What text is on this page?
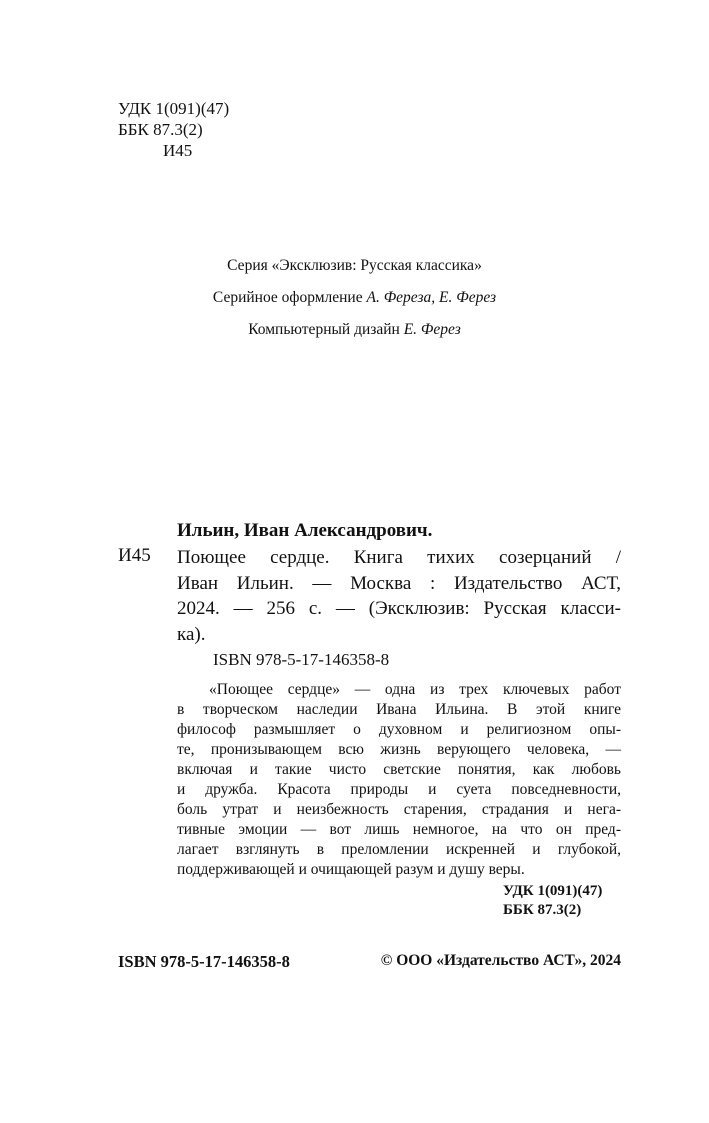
УДК 1(091)(47)
ББК 87.3(2)
И45
Серия «Эксклюзив: Русская классика»
Серийное оформление А. Фереза, Е. Ферез
Компьютерный дизайн Е. Ферез
Ильин, Иван Александрович.
И45 Поющее сердце. Книга тихих созерцаний /
Иван Ильин. — Москва : Издательство АСТ,
2024. — 256 с. — (Эксклюзив: Русская класси-
ка).
ISBN 978-5-17-146358-8
«Поющее сердце» — одна из трех ключевых работ
в творческом наследии Ивана Ильина. В этой книге
философ размышляет о духовном и религиозном опы-
те, пронизывающем всю жизнь верующего человека, —
включая и такие чисто светские понятия, как любовь
и дружба. Красота природы и суета повседневности,
боль утрат и неизбежность старения, страдания и нега-
тивные эмоции — вот лишь немногое, на что он пред-
лагает взглянуть в преломлении искренней и глубокой,
поддерживающей и очищающей разум и душу веры.
УДК 1(091)(47)
ББК 87.3(2)
ISBN 978-5-17-146358-8	© ООО «Издательство АСТ», 2024
